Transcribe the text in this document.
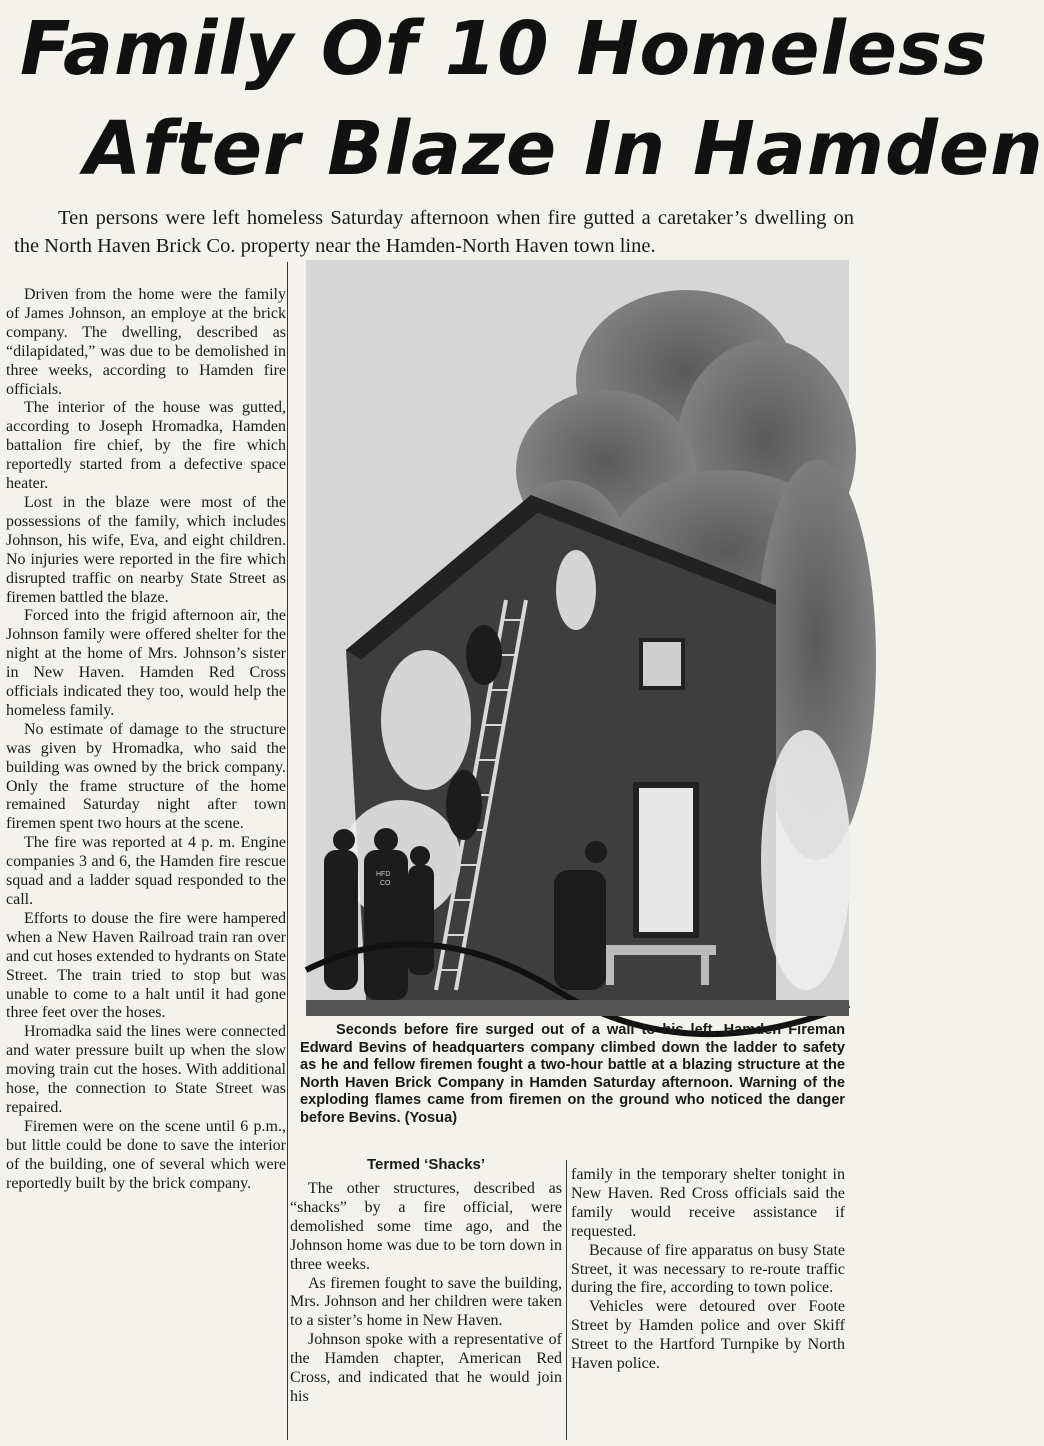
Family Of 10 Homeless
After Blaze In Hamden

Ten persons were left homeless Saturday afternoon when fire gutted a caretaker’s dwelling on the North Haven Brick Co. property near the Hamden-North Haven town line.

Driven from the home were the family of James Johnson, an employe at the brick company. The dwelling, described as “dilapidated,” was due to be demolished in three weeks, according to Hamden fire officials.

The interior of the house was gutted, according to Joseph Hromadka, Hamden battalion fire chief, by the fire which reportedly started from a defective space heater.

Lost in the blaze were most of the possessions of the family, which includes Johnson, his wife, Eva, and eight children. No injuries were reported in the fire which disrupted traffic on nearby State Street as firemen battled the blaze.

Forced into the frigid afternoon air, the Johnson family were offered shelter for the night at the home of Mrs. Johnson’s sister in New Haven. Hamden Red Cross officials indicated they too, would help the homeless family.

No estimate of damage to the structure was given by Hromadka, who said the building was owned by the brick company. Only the frame structure of the home remained Saturday night after town firemen spent two hours at the scene.

The fire was reported at 4 p. m. Engine companies 3 and 6, the Hamden fire rescue squad and a ladder squad responded to the call.

Efforts to douse the fire were hampered when a New Haven Railroad train ran over and cut hoses extended to hydrants on State Street. The train tried to stop but was unable to come to a halt until it had gone three feet over the hoses.

Hromadka said the lines were connected and water pressure built up when the slow moving train cut the hoses. With additional hose, the connection to State Street was repaired.

Firemen were on the scene until 6 p.m., but little could be done to save the interior of the building, one of several which were reportedly built by the brick company.

HFD
CO

Seconds before fire surged out of a wall to his left, Hamden Fireman Edward Bevins of headquarters company climbed down the ladder to safety as he and fellow firemen fought a two-hour battle at a blazing structure at the North Haven Brick Company in Hamden Saturday afternoon. Warning of the exploding flames came from firemen on the ground who noticed the danger before Bevins. (Yosua)

Termed ‘Shacks’

The other structures, described as “shacks” by a fire official, were demolished some time ago, and the Johnson home was due to be torn down in three weeks.

As firemen fought to save the building, Mrs. Johnson and her children were taken to a sister’s home in New Haven.

Johnson spoke with a representative of the Hamden chapter, American Red Cross, and indicated that he would join his

family in the temporary shelter tonight in New Haven. Red Cross officials said the family would receive assistance if requested.

Because of fire apparatus on busy State Street, it was necessary to re-route traffic during the fire, according to town police.

Vehicles were detoured over Foote Street by Hamden police and over Skiff Street to the Hartford Turnpike by North Haven police.
